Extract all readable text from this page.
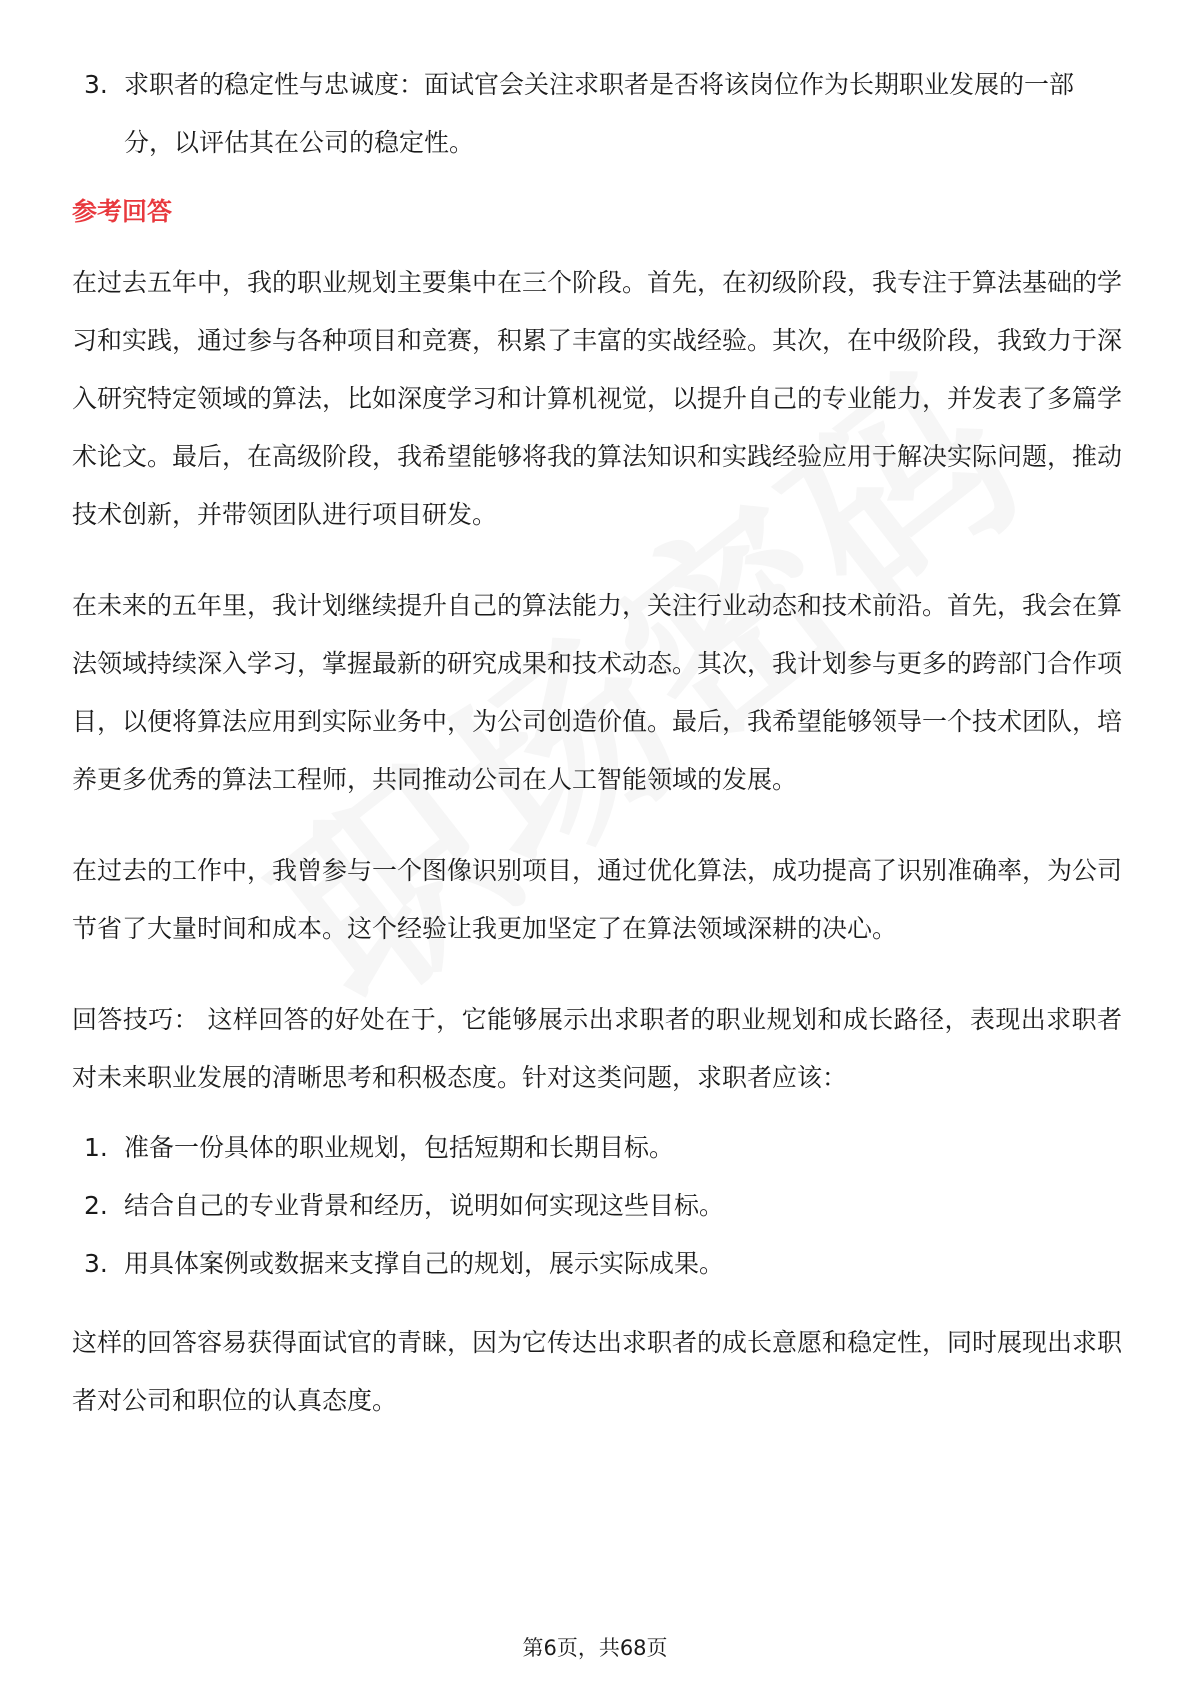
3. 求职者的稳定性与忠诚度：面试官会关注求职者是否将该岗位作为长期职业发展的一部分，以评估其在公司的稳定性。
参考回答

在过去五年中，我的职业规划主要集中在三个阶段。首先，在初级阶段，我专注于算法基础的学习和实践，通过参与各种项目和竞赛，积累了丰富的实战经验。其次，在中级阶段，我致力于深入研究特定领域的算法，比如深度学习和计算机视觉，以提升自己的专业能力，并发表了多篇学术论文。最后，在高级阶段，我希望能够将我的算法知识和实践经验应用于解决实际问题，推动技术创新，并带领团队进行项目研发。

在未来的五年里，我计划继续提升自己的算法能力，关注行业动态和技术前沿。首先，我会在算法领域持续深入学习，掌握最新的研究成果和技术动态。其次，我计划参与更多的跨部门合作项目，以便将算法应用到实际业务中，为公司创造价值。最后，我希望能够领导一个技术团队，培养更多优秀的算法工程师，共同推动公司在人工智能领域的发展。

在过去的工作中，我曾参与一个图像识别项目，通过优化算法，成功提高了识别准确率，为公司节省了大量时间和成本。这个经验让我更加坚定了在算法领域深耕的决心。

回答技巧： 这样回答的好处在于，它能够展示出求职者的职业规划和成长路径，表现出求职者对未来职业发展的清晰思考和积极态度。针对这类问题，求职者应该：

1. 准备一份具体的职业规划，包括短期和长期目标。
2. 结合自己的专业背景和经历，说明如何实现这些目标。
3. 用具体案例或数据来支撑自己的规划，展示实际成果。

这样的回答容易获得面试官的青睐，因为它传达出求职者的成长意愿和稳定性，同时展现出求职者对公司和职位的认真态度。

第6页，共68页
